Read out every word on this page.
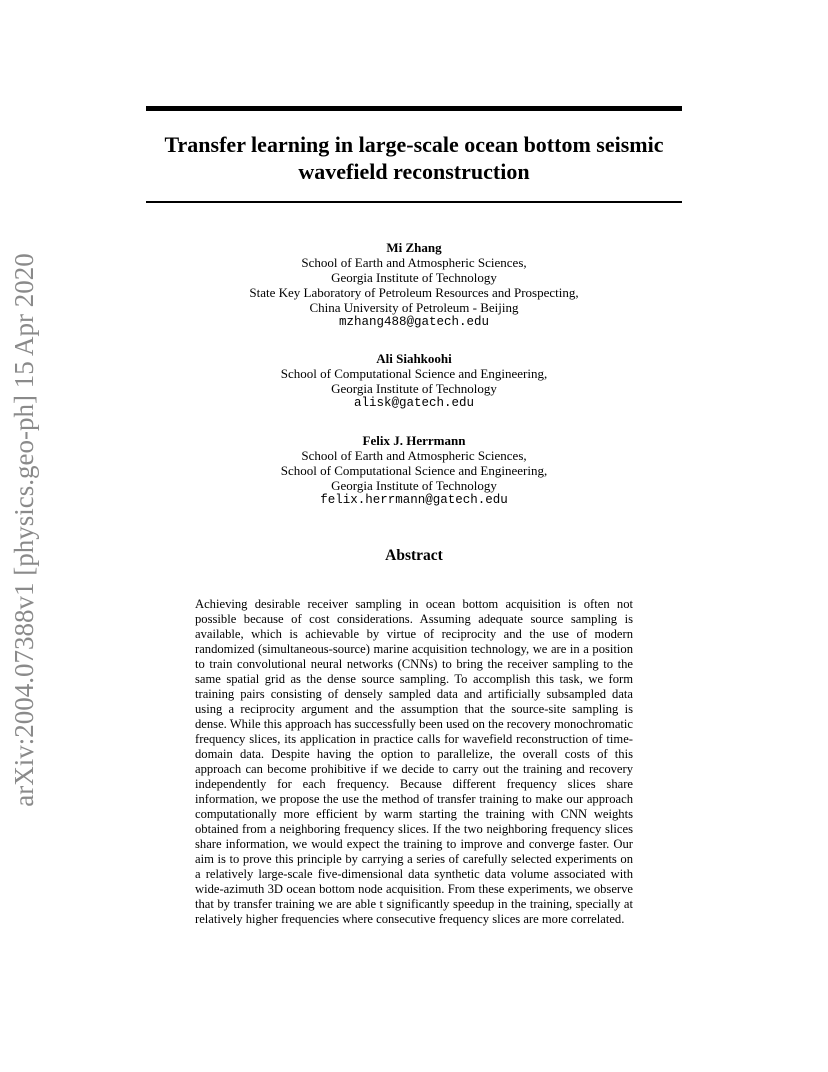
Transfer learning in large-scale ocean bottom seismic
wavefield reconstruction
arXiv:2004.07388v1 [physics.geo-ph] 15 Apr 2020
Mi Zhang
School of Earth and Atmospheric Sciences,
Georgia Institute of Technology
State Key Laboratory of Petroleum Resources and Prospecting,
China University of Petroleum - Beijing
mzhang488@gatech.edu
Ali Siahkoohi
School of Computational Science and Engineering,
Georgia Institute of Technology
alisk@gatech.edu
Felix J. Herrmann
School of Earth and Atmospheric Sciences,
School of Computational Science and Engineering,
Georgia Institute of Technology
felix.herrmann@gatech.edu
Abstract
Achieving desirable receiver sampling in ocean bottom acquisition is often not possible because of cost considerations. Assuming adequate source sampling is available, which is achievable by virtue of reciprocity and the use of modern randomized (simultaneous-source) marine acquisition technology, we are in a position to train convolutional neural networks (CNNs) to bring the receiver sampling to the same spatial grid as the dense source sampling. To accomplish this task, we form training pairs consisting of densely sampled data and artificially subsampled data using a reciprocity argument and the assumption that the source-site sampling is dense. While this approach has successfully been used on the recovery monochromatic frequency slices, its application in practice calls for wavefield reconstruction of time-domain data. Despite having the option to parallelize, the overall costs of this approach can become prohibitive if we decide to carry out the training and recovery independently for each frequency. Because different frequency slices share information, we propose the use the method of transfer training to make our approach computationally more efficient by warm starting the training with CNN weights obtained from a neighboring frequency slices. If the two neighboring frequency slices share information, we would expect the training to improve and converge faster. Our aim is to prove this principle by carrying a series of carefully selected experiments on a relatively large-scale five-dimensional data synthetic data volume associated with wide-azimuth 3D ocean bottom node acquisition. From these experiments, we observe that by transfer training we are able t significantly speedup in the training, specially at relatively higher frequencies where consecutive frequency slices are more correlated.
